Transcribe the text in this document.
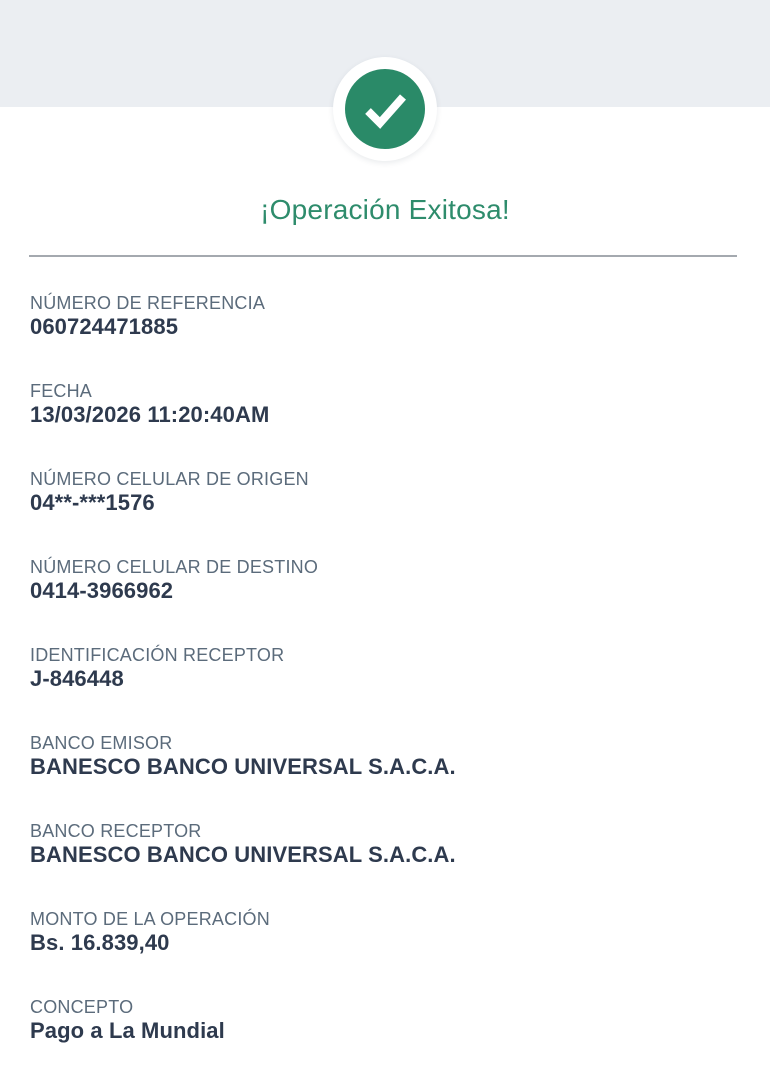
¡Operación Exitosa!
NÚMERO DE REFERENCIA
060724471885
FECHA
13/03/2026 11:20:40AM
NÚMERO CELULAR DE ORIGEN
04**-***1576
NÚMERO CELULAR DE DESTINO
0414-3966962
IDENTIFICACIÓN RECEPTOR
J-846448
BANCO EMISOR
BANESCO BANCO UNIVERSAL S.A.C.A.
BANCO RECEPTOR
BANESCO BANCO UNIVERSAL S.A.C.A.
MONTO DE LA OPERACIÓN
Bs. 16.839,40
CONCEPTO
Pago a La Mundial
